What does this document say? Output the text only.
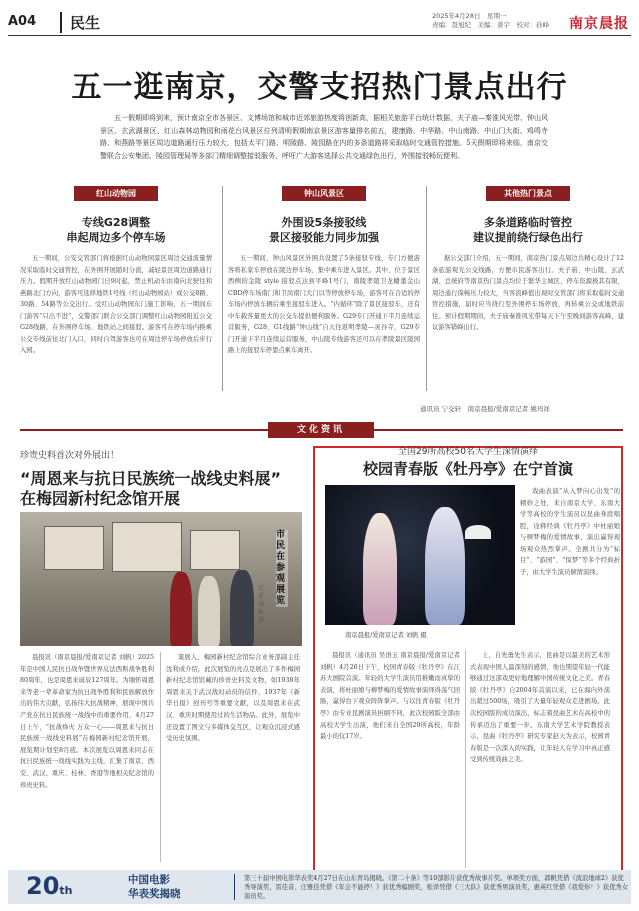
A04	民生	2025年4月28日　星期一
责编：聂旭纪　美编：姜宇　校对：孙峰 南京晨报
五一逛南京，交警支招热门景点出行
五一假期即将到来，预计南京全市各景区、文博场馆和城市近郊旅游热度将创新高，据相关旅游平台统计数据，夫子庙—秦淮风光带、钟山风景区、玄武湖景区、红山森林动物园和雨花台风景区位列清明假期南京景区游客量排名前五，建康路、中华路、中山南路、中山门大街、鸡鸣寺路、和燕路等景区周边道路通行压力较大，包括太平门路、明陵路、陵园路在内的多条道路将采取临时交通管控措施。5天假期即将来临，南京交警联合公安集团、陵园管理局等多部门精细调整接驳服务，呼吁广大游客选择公共交通绿色出行，外围接驳畅玩便利。
红山动物园
专线G28调整
串起周边多个停车场
五一期间，公安交管部门将根据红山动物园景区周边交通流量情况采取临时交通管控，在外围开展随时分流，减轻景区周边道路通行压力。假期开放红山动物园门日9时起，禁止机动车由南向北驶往和燕路北门方向，游客可选择地铁1号线（红山动物园站）或公交8路、30路、54路等公交出行。受红山动物园东门施工影响，五一期间东门游客“只出不进”，交警部门联合公交部门调整红山动物园附近公交G28线路，在外围停车场、地铁站之间接驳。游客可在停车场内换乘公交专线前往北门入口，同时自驾游客也可在周边停车场停放后步行入园。
钟山风景区
外围设5条接驳线
景区接驳能力同步加强
五一期间，钟山风景区外围共设置了5条接驳专线，专门方便游客将私家车停放在陵边停车场，集中乘车进入景区。其中，位于景区西侧的金陵 style 接驳点达到平峰1号门，南陵孝陵卫龙蟠董金山CBD停车场南门和卫岗南门大门以等停放停车场，游客可在合适的停车场内停放车辆后乘坐接驳车进入。“内循环”除了景区接驳车，还有中车载客量更大的公交车提供便利服务。G29专门开通下半月连续运营服务，G28、G1线路“钟山线”自天往返明孝陵—灵谷寺，G29专门开通下半月连续运营服务，中山陵专线游客还可以在孝陵景区陵园路上的接驳车停靠点乘车离开。
其他热门景点
多条道路临时管控
建议提前绕行绿色出行
据公交部门介绍，五一期间，南京热门景点周边共精心设计了12条旅游观光公交线路，方便市民游客出行。夫子庙、中山陵、玄武湖、总统府等南京热门景点均位于繁华主城区，停车资源极其有限，周边通行保畅压力较大，当客流峰值出现时交管部门将采取临时交通管控措施，届时应当绕行至外围停车场停放，再转乘公交或地铁前往。预计假期期间，夫子庙秦淮风光带每天下午至晚间游客高峰，建议游客错峰出行。
通讯员 宁交轩　南京晨报/爱南京记者 姚玛祥
文化资讯
珍贵史料首次对外展出！
“周恩来与抗日民族统一战线史料展”
在梅园新村纪念馆开展
市民在参观展览
记者 刘帆 摄
晨报讯（南京晨报/爱南京记者 刘帆）2025年是中国人民抗日战争暨世界反法西斯战争胜利80周年，也是周恩来诞辰127周年。为缅怀周恩来等老一辈革命家为抗日战争胜利和民族解放作出的伟大贡献，弘扬伟大抗战精神，展现中国共产党在抗日民族统一战线中的重要作用，4月27日上午，“抗战烽火 万众一心——周恩来与抗日民族统一战线史料展”在梅园新村纪念馆开展，展览期计划至8月底。本次展览以周恩来同志在抗日民族统一战线实践为主线，汇集了南京、西安、武汉、重庆、桂林、香港等地相关纪念馆的珍贵史料。
策展人、梅园新村纪念馆综合业务部副主任沈利成介绍，此次展览的亮点是展出了多件梅园新村纪念馆馆藏的珍贵史料及文物，如1938年周恩来关于武汉战时动员的信件、1937年《新华日报》创刊号等重要文献，以及周恩来在武汉、重庆时期使用过的生活物品。此外，展览中还设置了图文与多媒体交互区，让观众沉浸式感受历史氛围。
全国29所高校50名大学生深情演绎
校园青春版《牡丹亭》在宁首演
南京晨报/爱南京记者 刘帆 摄
戏曲表演“从入梦向心出发”的精妙之处，来自南京大学、东南大学等高校的学生演员以昆曲身段唱腔，诠释经典《牡丹亭》中杜丽娘与柳梦梅的爱情故事，演出赢得现场观众热烈掌声。全剧共分为“标目”、“游园”、“惊梦”等多个经典折子，由大学生演员倾情演绎。
晨报讯（通讯员 吴语玉 南京晨报/爱南京记者 刘帆）4月26日下午，校园青春版《牡丹亭》在江苏大剧院首演。年轻的大学生演员用稚嫩而真挚的表演，将杜丽娘与柳梦梅的爱情故事演绎得荡气回肠，赢得台下观众阵阵掌声。与以往青春版《牡丹亭》由专业昆剧演员担纲不同，此次校园版全部由高校大学生出演，他们来自全国29所高校，年龄最小的仅17岁。
上，自先勇先生表示，昆曲是以最美的艺术形式表现中国人最深刻的感情，他也期望年轻一代能够通过这部戏更好地理解中国传统文化之美。青春版《牡丹亭》自2004年首演以来，已在海内外演出超过500场，吸引了大量年轻观众走进剧场。此次校园版的成功演出，标志着昆曲艺术在高校中的传承迈出了重要一步。东南大学艺术学院教授表示，昆曲《牡丹亭》研究专家赵天为表示，校园青春版是一次深入的实践，让年轻人在学习中真正感受到传统戏曲之美。
20th
中国电影
华表奖揭晓
第三十届中国电影华表奖4月27日在山东青岛揭晓。《第二十条》等10部影片获优秀故事片奖。单项奖方面，郭帆凭借《流浪地球2》获优秀导演奖，雷佳音、庄雅佳凭借《年会不能停！》获优秀编剧奖，张译凭借《三大队》获优秀男演员奖，惠英红凭借《我爱你！》获优秀女演员奖。
